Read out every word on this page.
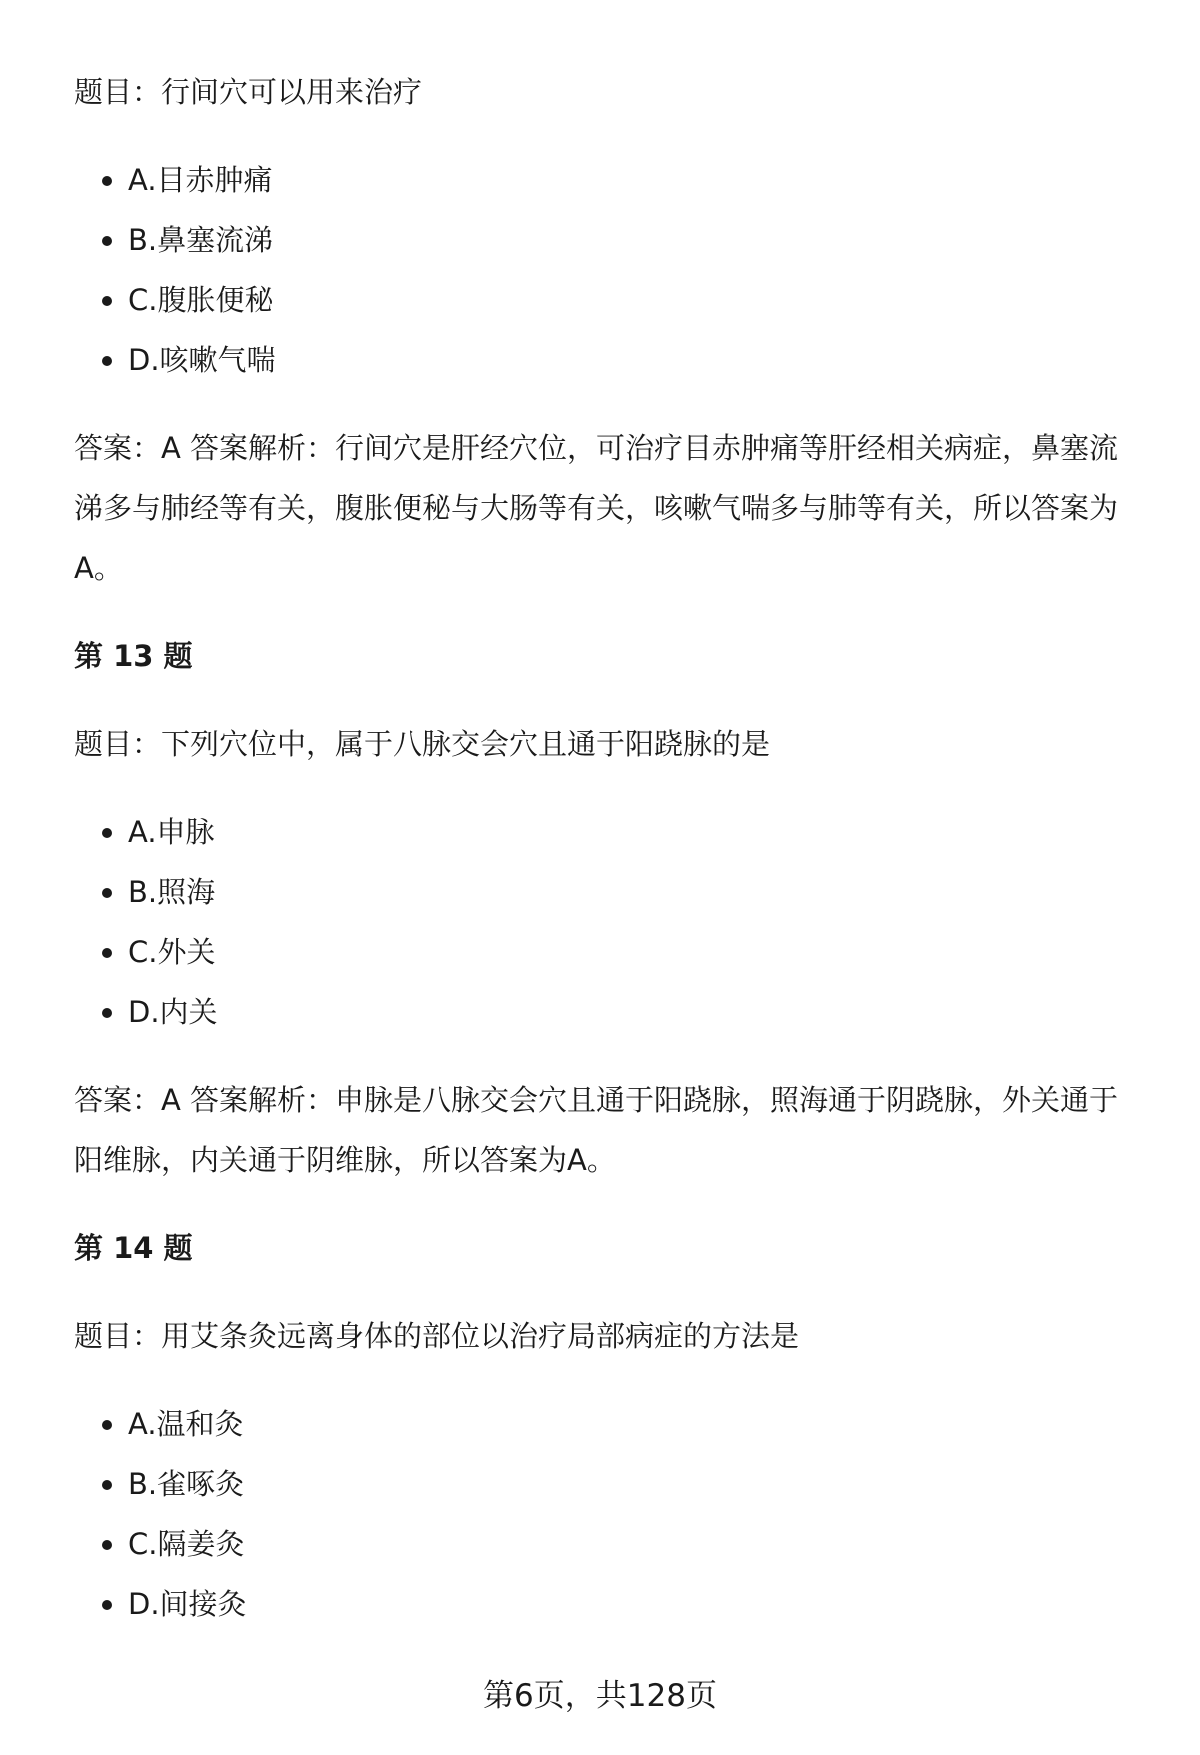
题目：行间穴可以用来治疗

A.目赤肿痛
B.鼻塞流涕
C.腹胀便秘
D.咳嗽气喘

答案：A 答案解析：行间穴是肝经穴位，可治疗目赤肿痛等肝经相关病症，鼻塞流
涕多与肺经等有关，腹胀便秘与大肠等有关，咳嗽气喘多与肺等有关，所以答案为
A。

第 13 题

题目：下列穴位中，属于八脉交会穴且通于阳跷脉的是

A.申脉
B.照海
C.外关
D.内关

答案：A 答案解析：申脉是八脉交会穴且通于阳跷脉，照海通于阴跷脉，外关通于
阳维脉，内关通于阴维脉，所以答案为A。

第 14 题

题目：用艾条灸远离身体的部位以治疗局部病症的方法是

A.温和灸
B.雀啄灸
C.隔姜灸
D.间接灸
第6页，共128页
